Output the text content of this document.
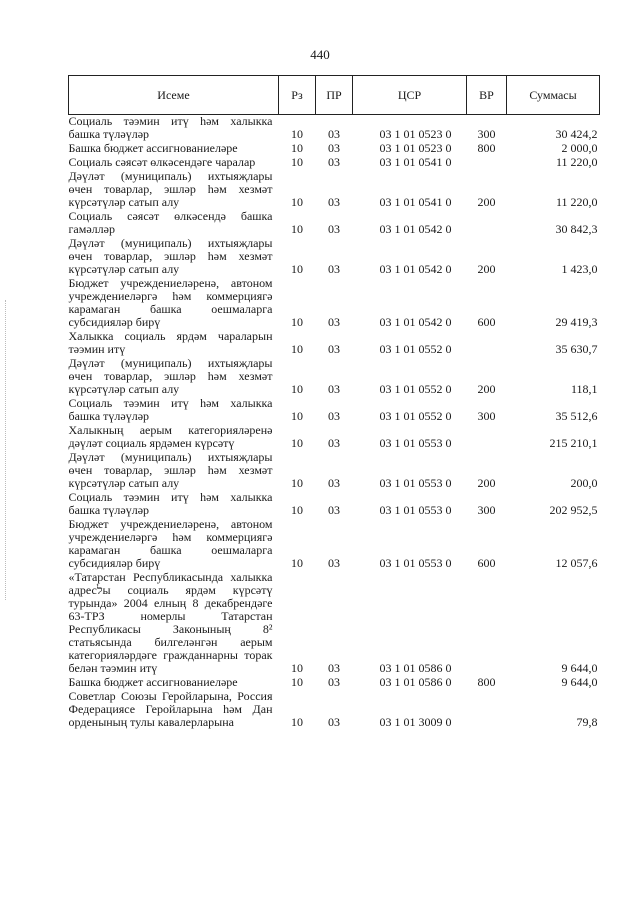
440
Исеме	Рз	ПР	ЦСР	ВР	Суммасы
Социаль тәэмин итү һәм халыкка башка түләүләр	10	03	03 1 01 0523 0	300	30 424,2
Башка бюджет ассигнованиеләре	10	03	03 1 01 0523 0	800	2 000,0
Социаль сәясәт өлкәсендәге чаралар	10	03	03 1 01 0541 0		11 220,0
Дәүләт (муниципаль) ихтыяҗлары өчен товарлар, эшләр һәм хезмәт күрсәтүләр сатып алу	10	03	03 1 01 0541 0	200	11 220,0
Социаль сәясәт өлкәсендә башка гамәлләр	10	03	03 1 01 0542 0		30 842,3
Дәүләт (муниципаль) ихтыяҗлары өчен товарлар, эшләр һәм хезмәт күрсәтүләр сатып алу	10	03	03 1 01 0542 0	200	1 423,0
Бюджет учреждениеләренә, автоном учреждениеләргә һәм коммерциягә карамаган башка оешмаларга субсидияләр бирү	10	03	03 1 01 0542 0	600	29 419,3
Халыкка социаль ярдәм чараларын тәэмин итү	10	03	03 1 01 0552 0		35 630,7
Дәүләт (муниципаль) ихтыяҗлары өчен товарлар, эшләр һәм хезмәт күрсәтүләр сатып алу	10	03	03 1 01 0552 0	200	118,1
Социаль тәэмин итү һәм халыкка башка түләүләр	10	03	03 1 01 0552 0	300	35 512,6
Халыкның аерым категорияләренә дәүләт социаль ярдәмен күрсәтү	10	03	03 1 01 0553 0		215 210,1
Дәүләт (муниципаль) ихтыяҗлары өчен товарлар, эшләр һәм хезмәт күрсәтүләр сатып алу	10	03	03 1 01 0553 0	200	200,0
Социаль тәэмин итү һәм халыкка башка түләүләр	10	03	03 1 01 0553 0	300	202 952,5
Бюджет учреждениеләренә, автоном учреждениеләргә һәм коммерциягә карамаган башка оешмаларга субсидияләр бирү	10	03	03 1 01 0553 0	600	12 057,6
«Татарстан Республикасында халыкка адресלы социаль ярдәм күрсәтү турында» 2004 елның 8 декабрендәге 63-ТРЗ номерлы Татарстан Республикасы Законының 8² статьясында билгеләнгән аерым категорияләрдәге гражданнарны торак белән тәэмин итү	10	03	03 1 01 0586 0		9 644,0
Башка бюджет ассигнованиеләре	10	03	03 1 01 0586 0	800	9 644,0
Советлар Союзы Геройларына, Россия Федерациясе Геройларына һәм Дан орденының тулы кавалерларына	10	03	03 1 01 3009 0		79,8
